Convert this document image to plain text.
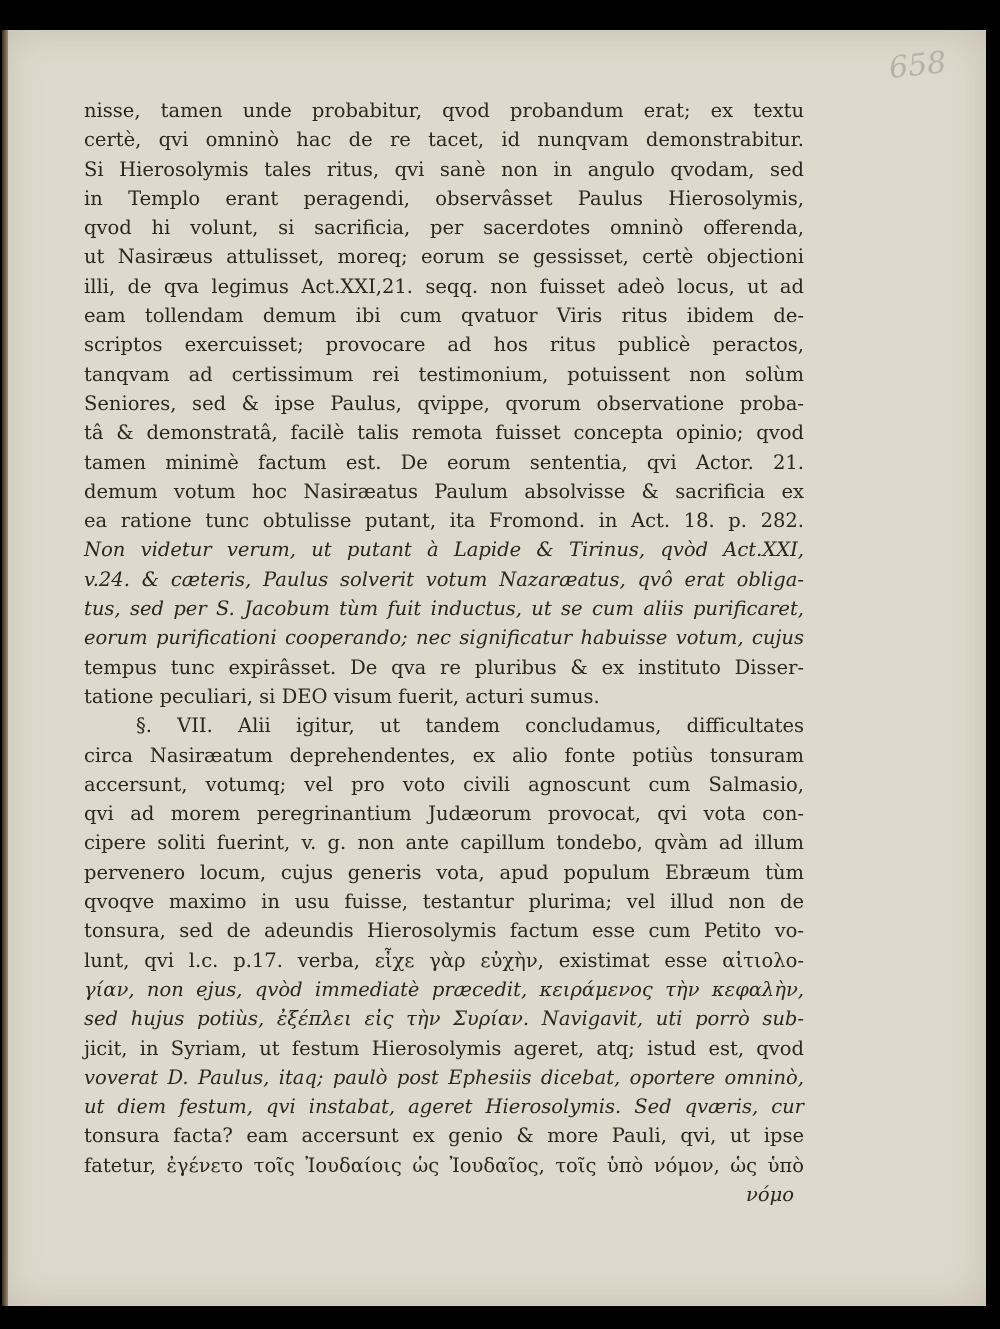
658
nisse, tamen unde probabitur, qvod probandum erat; ex textu
certè, qvi omninò hac de re tacet, id nunqvam demonstrabitur.
Si Hierosolymis tales ritus, qvi sanè non in angulo qvodam, sed
in Templo erant peragendi, observâsset Paulus Hierosolymis,
qvod hi volunt, si sacrificia, per sacerdotes omninò offerenda,
ut Nasiræus attulisset, moreq; eorum se gessisset, certè objectioni
illi, de qva legimus Act.XXI,21. seqq. non fuisset adeò locus, ut ad
eam tollendam demum ibi cum qvatuor Viris ritus ibidem de-
scriptos exercuisset; provocare ad hos ritus publicè peractos,
tanqvam ad certissimum rei testimonium, potuissent non solùm
Seniores, sed & ipse Paulus, qvippe, qvorum observatione proba-
tâ & demonstratâ, facilè talis remota fuisset concepta opinio; qvod
tamen minimè factum est. De eorum sententia, qvi Actor. 21.
demum votum hoc Nasiræatus Paulum absolvisse & sacrificia ex
ea ratione tunc obtulisse putant, ita Fromond. in Act. 18. p. 282.
Non videtur verum, ut putant à Lapide & Tirinus, qvòd Act.XXI,
v.24. & cæteris, Paulus solverit votum Nazaræatus, qvô erat obliga-
tus, sed per S. Jacobum tùm fuit inductus, ut se cum aliis purificaret,
eorum purificationi cooperando; nec significatur habuisse votum, cujus
tempus tunc expirâsset. De qva re pluribus & ex instituto Disser-
tatione peculiari, si DEO visum fuerit, acturi sumus.
§. VII. Alii igitur, ut tandem concludamus, difficultates
circa Nasiræatum deprehendentes, ex alio fonte potiùs tonsuram
accersunt, votumq; vel pro voto civili agnoscunt cum Salmasio,
qvi ad morem peregrinantium Judæorum provocat, qvi vota con-
cipere soliti fuerint, v. g. non ante capillum tondebo, qvàm ad illum
pervenero locum, cujus generis vota, apud populum Ebræum tùm
qvoqve maximo in usu fuisse, testantur plurima; vel illud non de
tonsura, sed de adeundis Hierosolymis factum esse cum Petito vo-
lunt, qvi l.c. p.17. verba, εἶχε γὰρ εὐχὴν, existimat esse αἰτιολο-
γίαν, non ejus, qvòd immediatè præcedit, κειράμενος τὴν κεφαλὴν,
sed hujus potiùs, ἐξέπλει εἰς τὴν Συρίαν. Navigavit, uti porrò sub-
jicit, in Syriam, ut festum Hierosolymis ageret, atq; istud est, qvod
voverat D. Paulus, itaq; paulò post Ephesiis dicebat, oportere omninò,
ut diem festum, qvi instabat, ageret Hierosolymis. Sed qværis, cur
tonsura facta? eam accersunt ex genio & more Pauli, qvi, ut ipse
fatetur, ἐγένετο τοῖς Ἰουδαίοις ὡς Ἰουδαῖος, τοῖς ὑπὸ νόμον, ὡς ὑπὸ
νόμο
